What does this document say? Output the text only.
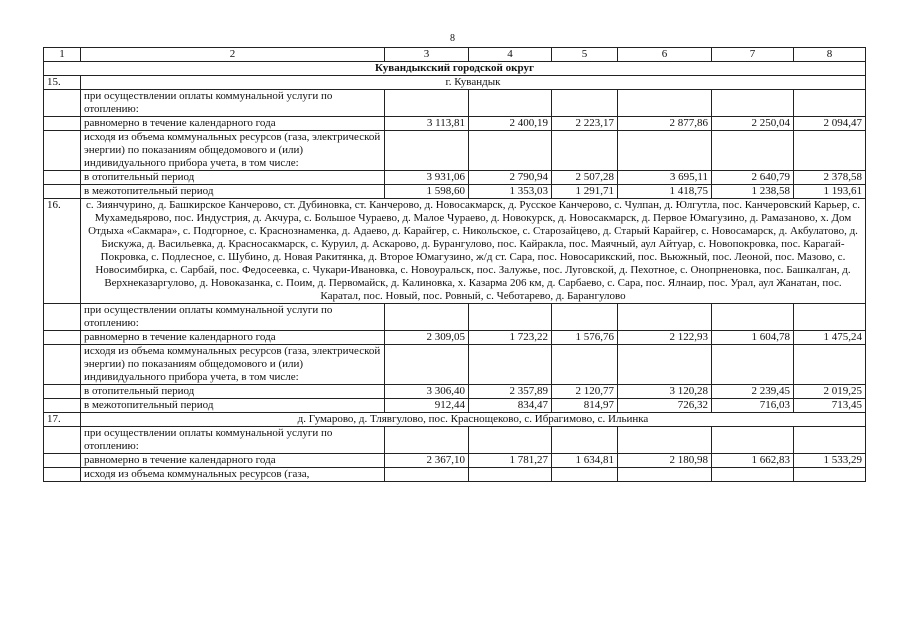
8
1	2	3	4	5	6	7	8
Кувандыкский городской округ							
15.	г. Кувандык						
	при осуществлении оплаты коммунальной услуги по отоплению:						
	равномерно в течение календарного года	3 113,81	2 400,19	2 223,17	2 877,86	2 250,04	2 094,47
	исходя из объема коммунальных ресурсов (газа, электрической энергии) по показаниям общедомового и (или) индивидуального прибора учета, в том числе:						
	в отопительный период	3 931,06	2 790,94	2 507,28	3 695,11	2 640,79	2 378,58
	в межотопительный период	1 598,60	1 353,03	1 291,71	1 418,75	1 238,58	1 193,61
16.	с. Зиянчурино, д. Башкирское Канчерово, ст. Дубиновка, ст. Канчерово, д. Новосакмарск, д. Русское Канчерово, с. Чулпан, д. Юлгутла, пос. Канчеровский Карьер, с. Мухамедьярово, пос. Индустрия, д. Акчура, с. Большое Чураево, д. Малое Чураево, д. Новокурск, д. Новосакмарск, д. Первое Юмагузино, д. Рамазаново, х. Дом Отдыха «Сакмара», с. Подгорное, с. Краснознаменка, д. Адаево, д. Карайгер, с. Никольское, с. Старозайцево, д. Старый Карайгер, с. Новосамарск, д. Акбулатово, д. Бискужа, д. Васильевка, д. Красносакмарск, с. Куруил, д. Аскарово, д. Бурангулово, пос. Кайракла, пос. Маячный, аул Айтуар, с. Новопокровка, пос. Карагай-Покровка, с. Подлесное, с. Шубино, д. Новая Ракитянка, д. Второе Юмагузино, ж/д ст. Сара, пос. Новосарикский, пос. Вьюжный, пос. Леоной, пос. Мазово, с. Новосимбирка, с. Сарбай, пос. Федосеевка, с. Чукари-Ивановка, с. Новоуральск, пос. Залужье, пос. Луговской, д. Пехотное, с. Онопрненовка, пос. Башкалган, д. Верхнеказаргулово, д. Новоказанка, с. Поим, д. Первомайск, д. Калиновка, х. Казарма 206 км, д. Сарбаево, с. Сара, пос. Ялнаир, пос. Урал, аул Жанатан, пос. Каратал, пос. Новый, пос. Ровный, с. Чеботарево, д. Барангулово						
	при осуществлении оплаты коммунальной услуги по отоплению:						
	равномерно в течение календарного года	2 309,05	1 723,22	1 576,76	2 122,93	1 604,78	1 475,24
	исходя из объема коммунальных ресурсов (газа, электрической энергии) по показаниям общедомового и (или) индивидуального прибора учета, в том числе:						
	в отопительный период	3 306,40	2 357,89	2 120,77	3 120,28	2 239,45	2 019,25
	в межотопительный период	912,44	834,47	814,97	726,32	716,03	713,45
17.	д. Гумарово, д. Тлявгулово, пос. Краснощеково, с. Ибрагимово, с. Ильинка						
	при осуществлении оплаты коммунальной услуги по отоплению:						
	равномерно в течение календарного года	2 367,10	1 781,27	1 634,81	2 180,98	1 662,83	1 533,29
	исходя из объема коммунальных ресурсов (газа,						
